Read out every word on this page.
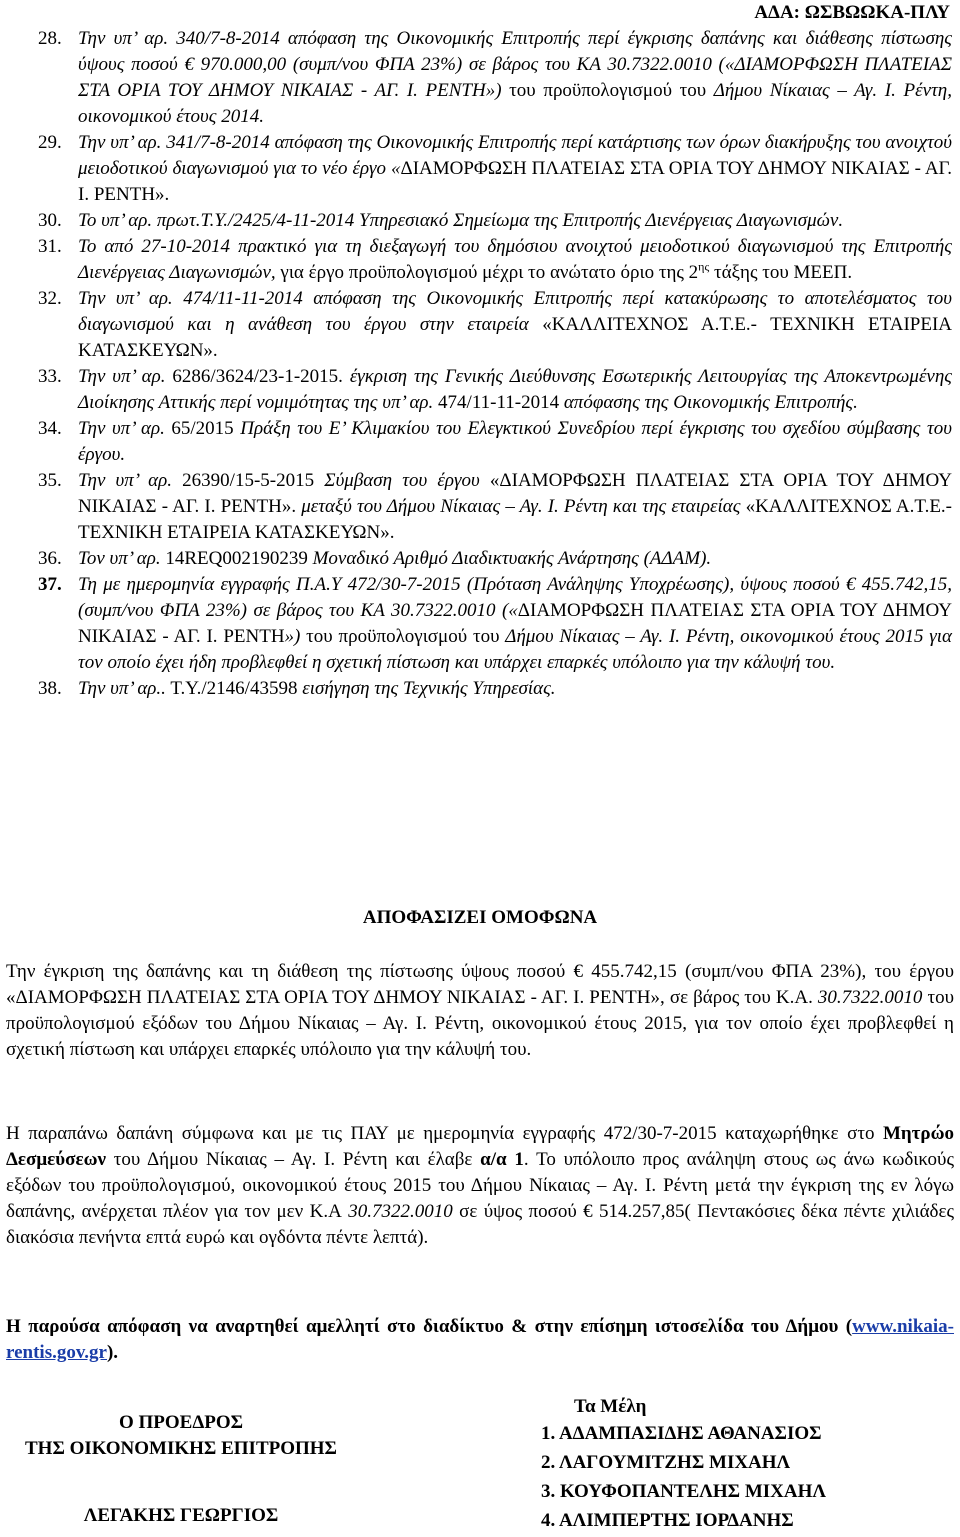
ΑΔΑ: ΩΣΒΩΩΚΑ-ΠΛΥ
28. Την υπ’ αρ. 340/7-8-2014 απόφαση της Οικονομικής Επιτροπής περί έγκρισης δαπάνης και διάθεσης πίστωσης ύψους ποσού € 970.000,00 (συμπ/νου ΦΠΑ 23%) σε βάρος του ΚΑ 30.7322.0010 («ΔΙΑΜΟΡΦΩΣΗ ΠΛΑΤΕΙΑΣ ΣΤΑ ΟΡΙΑ ΤΟΥ ΔΗΜΟΥ ΝΙΚΑΙΑΣ - ΑΓ. Ι. ΡΕΝΤΗ») του προϋπολογισμού του Δήμου Νίκαιας – Αγ. Ι. Ρέντη, οικονομικού έτους 2014.
29. Την υπ’ αρ. 341/7-8-2014 απόφαση της Οικονομικής Επιτροπής περί κατάρτισης των όρων διακήρυξης του ανοιχτού μειοδοτικού διαγωνισμού για το νέο έργο «ΔΙΑΜΟΡΦΩΣΗ ΠΛΑΤΕΙΑΣ ΣΤΑ ΟΡΙΑ ΤΟΥ ΔΗΜΟΥ ΝΙΚΑΙΑΣ - ΑΓ. Ι. ΡΕΝΤΗ».
30. Το υπ’ αρ. πρωτ.Τ.Υ./2425/4-11-2014 Υπηρεσιακό Σημείωμα της Επιτροπής Διενέργειας Διαγωνισμών.
31. Το από 27-10-2014 πρακτικό για τη διεξαγωγή του δημόσιου ανοιχτού μειοδοτικού διαγωνισμού της Επιτροπής Διενέργειας Διαγωνισμών, για έργο προϋπολογισμού μέχρι το ανώτατο όριο της $2^{\eta\varsigma}$ τάξης του ΜΕΕΠ.
32. Την υπ’ αρ. 474/11-11-2014 απόφαση της Οικονομικής Επιτροπής περί κατακύρωσης το αποτελέσματος του διαγωνισμού και η ανάθεση του έργου στην εταιρεία «ΚΑΛΛΙΤΕΧΝΟΣ Α.Τ.Ε.- ΤΕΧΝΙΚΗ ΕΤΑΙΡΕΙΑ ΚΑΤΑΣΚΕΥΩΝ».
33. Την υπ’ αρ. 6286/3624/23-1-2015. έγκριση της Γενικής Διεύθυνσης Εσωτερικής Λειτουργίας της Αποκεντρωμένης Διοίκησης Αττικής περί νομιμότητας της υπ’ αρ. 474/11-11-2014 απόφασης της Οικονομικής Επιτροπής.
34. Την υπ’ αρ. 65/2015 Πράξη του Ε’ Κλιμακίου του Ελεγκτικού Συνεδρίου περί έγκρισης του σχεδίου σύμβασης του έργου.
35. Την υπ’ αρ. 26390/15-5-2015 Σύμβαση του έργου «ΔΙΑΜΟΡΦΩΣΗ ΠΛΑΤΕΙΑΣ ΣΤΑ ΟΡΙΑ ΤΟΥ ΔΗΜΟΥ ΝΙΚΑΙΑΣ - ΑΓ. Ι. ΡΕΝΤΗ». μεταξύ του Δήμου Νίκαιας – Αγ. Ι. Ρέντη και της εταιρείας «ΚΑΛΛΙΤΕΧΝΟΣ Α.Τ.Ε.- ΤΕΧΝΙΚΗ ΕΤΑΙΡΕΙΑ ΚΑΤΑΣΚΕΥΩΝ».
36. Τον υπ’ αρ. 14REQ002190239 Μοναδικό Αριθμό Διαδικτυακής Ανάρτησης (ΑΔΑΜ).
37. Τη με ημερομηνία εγγραφής Π.Α.Υ 472/30-7-2015 (Πρόταση Ανάληψης Υποχρέωσης), ύψους ποσού € 455.742,15, (συμπ/νου ΦΠΑ 23%) σε βάρος του ΚΑ 30.7322.0010 («ΔΙΑΜΟΡΦΩΣΗ ΠΛΑΤΕΙΑΣ ΣΤΑ ΟΡΙΑ ΤΟΥ ΔΗΜΟΥ ΝΙΚΑΙΑΣ - ΑΓ. Ι. ΡΕΝΤΗ») του προϋπολογισμού του Δήμου Νίκαιας – Αγ. Ι. Ρέντη, οικονομικού έτους 2015 για τον οποίο έχει ήδη προβλεφθεί η σχετική πίστωση και υπάρχει επαρκές υπόλοιπο για την κάλυψή του.
38. Την υπ’ αρ.. Τ.Υ./2146/43598 εισήγηση της Τεχνικής Υπηρεσίας.
ΑΠΟΦΑΣΙΖΕΙ ΟΜΟΦΩΝΑ
Την έγκριση της δαπάνης και τη διάθεση της πίστωσης ύψους ποσού € 455.742,15 (συμπ/νου ΦΠΑ 23%), του έργου «ΔΙΑΜΟΡΦΩΣΗ ΠΛΑΤΕΙΑΣ ΣΤΑ ΟΡΙΑ ΤΟΥ ΔΗΜΟΥ ΝΙΚΑΙΑΣ - ΑΓ. Ι. ΡΕΝΤΗ», σε βάρος του Κ.Α. 30.7322.0010 του προϋπολογισμού εξόδων του Δήμου Νίκαιας – Αγ. Ι. Ρέντη, οικονομικού έτους 2015, για τον οποίο έχει προβλεφθεί η σχετική πίστωση και υπάρχει επαρκές υπόλοιπο για την κάλυψή του.
Η παραπάνω δαπάνη σύμφωνα και με τις ΠΑΥ με ημερομηνία εγγραφής 472/30-7-2015 καταχωρήθηκε στο Μητρώο Δεσμεύσεων του Δήμου Νίκαιας – Αγ. Ι. Ρέντη και έλαβε α/α 1. Το υπόλοιπο προς ανάληψη στους ως άνω κωδικούς εξόδων του προϋπολογισμού, οικονομικού έτους 2015 του Δήμου Νίκαιας – Αγ. Ι. Ρέντη μετά την έγκριση της εν λόγω δαπάνης, ανέρχεται πλέον για τον μεν Κ.Α 30.7322.0010 σε ύψος ποσού € 514.257,85( Πεντακόσιες δέκα πέντε χιλιάδες διακόσια πενήντα επτά ευρώ και ογδόντα πέντε λεπτά).
Η παρούσα απόφαση να αναρτηθεί αμελλητί στο διαδίκτυο & στην επίσημη ιστοσελίδα του Δήμου (www.nikaia-rentis.gov.gr).
Ο ΠΡΟΕΔΡΟΣ
ΤΗΣ ΟΙΚΟΝΟΜΙΚΗΣ ΕΠΙΤΡΟΠΗΣ
ΛΕΓΑΚΗΣ ΓΕΩΡΓΙΟΣ
Τα Μέλη
1. ΑΔΑΜΠΑΣΙΔΗΣ ΑΘΑΝΑΣΙΟΣ
2. ΛΑΓΟΥΜΙΤΖΗΣ ΜΙΧΑΗΛ
3. ΚΟΥΦΟΠΑΝΤΕΛΗΣ ΜΙΧΑΗΛ
4. ΑΛΙΜΠΕΡΤΗΣ ΙΟΡΔΑΝΗΣ
